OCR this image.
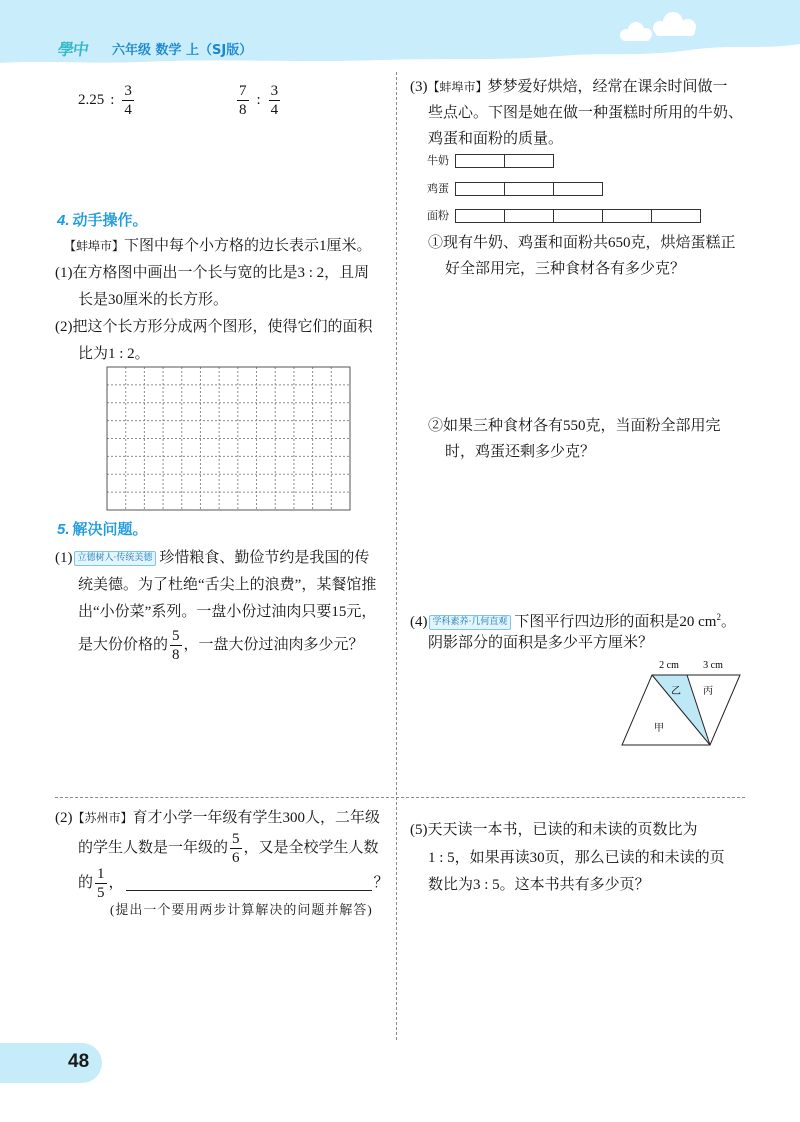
學中 六年级 数学 上（SJ版）
2.25 : $\frac{3}{4}$	$\frac{7}{8}$ : $\frac{3}{4}$
4. 动手操作。
【蚌埠市】下图中每个小方格的边长表示1厘米。
(1)在方格图中画出一个长与宽的比是3 : 2，且周
长是30厘米的长方形。
(2)把这个长方形分成两个图形，使得它们的面积
比为1 : 2。
5. 解决问题。
(1) 立德树人·传统美德 珍惜粮食、勤俭节约是我国的传
统美德。为了杜绝“舌尖上的浪费”，某餐馆推
出“小份菜”系列。一盘小份过油肉只要15元，
是大份价格的 $\frac{5}{8}$ ，一盘大份过油肉多少元？
(2)【苏州市】育才小学一年级有学生300人，二年级
的学生人数是一年级的 $\frac{5}{6}$ ，又是全校学生人数
的 $\frac{1}{5}$ ，	？
(提出一个要用两步计算解决的问题并解答)
(3)【蚌埠市】梦梦爱好烘焙，经常在课余时间做一
些点心。下图是她在做一种蛋糕时所用的牛奶、
鸡蛋和面粉的质量。
牛奶
鸡蛋
面粉
①现有牛奶、鸡蛋和面粉共650克，烘焙蛋糕正
好全部用完，三种食材各有多少克？
②如果三种食材各有550克，当面粉全部用完
时，鸡蛋还剩多少克？
(4) 学科素养·几何直观 下图平行四边形的面积是20 $cm^2$。
阴影部分的面积是多少平方厘米？
2 cm 3 cm
甲
乙 丙
(5)天天读一本书，已读的和未读的页数比为
1 : 5，如果再读30页，那么已读的和未读的页
数比为3 : 5。这本书共有多少页？
48
